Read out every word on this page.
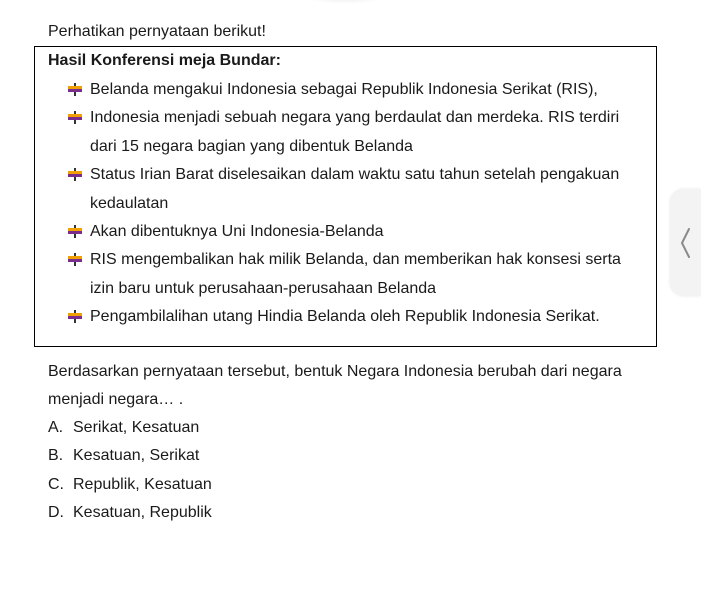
Perhatikan pernyataan berikut!
Hasil Konferensi meja Bundar:
Belanda mengakui Indonesia sebagai Republik Indonesia Serikat (RIS),
Indonesia menjadi sebuah negara yang berdaulat dan merdeka. RIS terdiri dari 15 negara bagian yang dibentuk Belanda
Status Irian Barat diselesaikan dalam waktu satu tahun setelah pengakuan kedaulatan
Akan dibentuknya Uni Indonesia-Belanda
RIS mengembalikan hak milik Belanda, dan memberikan hak konsesi serta izin baru untuk perusahaan-perusahaan Belanda
Pengambilalihan utang Hindia Belanda oleh Republik Indonesia Serikat.
Berdasarkan pernyataan tersebut, bentuk Negara Indonesia berubah dari negara menjadi negara… .
A. Serikat, Kesatuan
B. Kesatuan, Serikat
C. Republik, Kesatuan
D. Kesatuan, Republik
